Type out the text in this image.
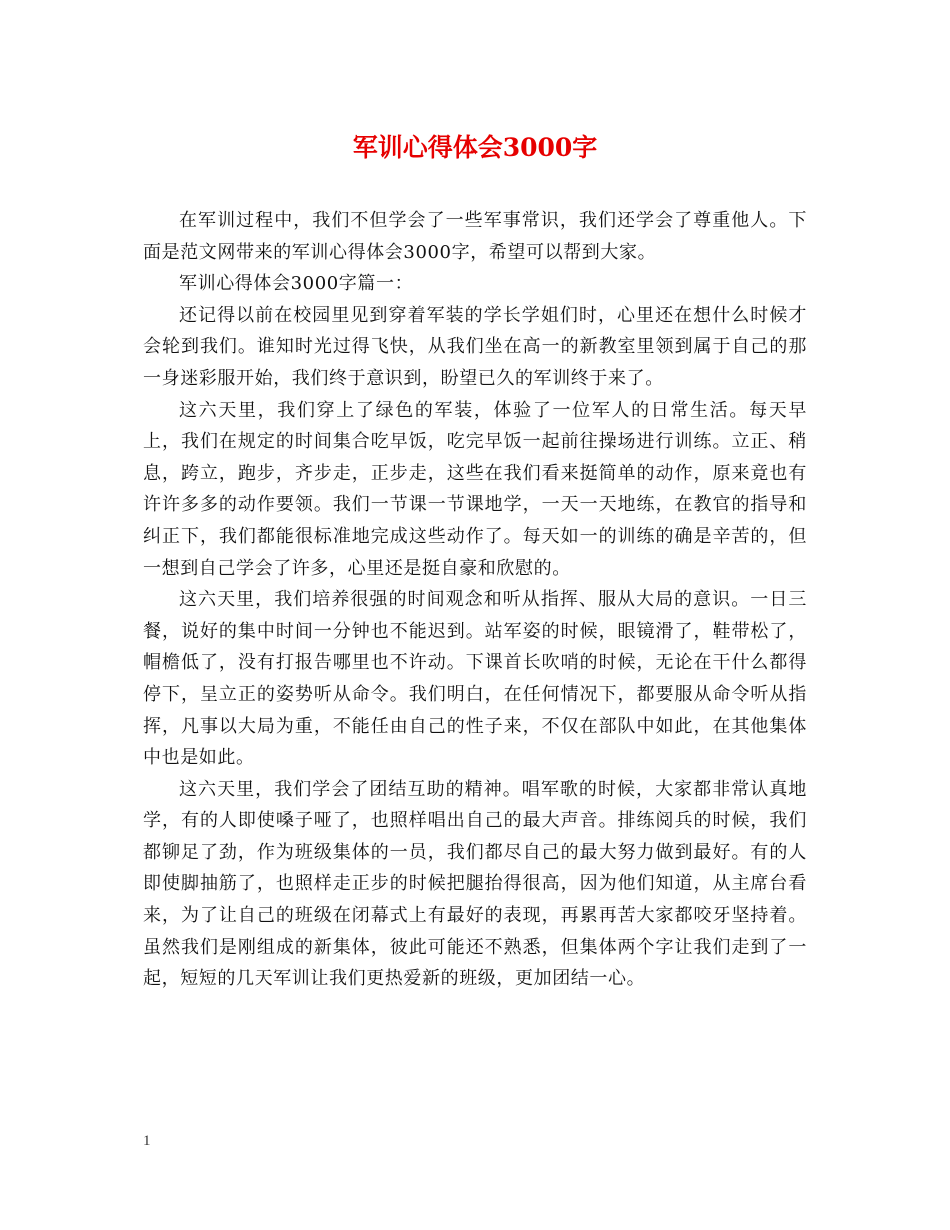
军训心得体会3000字

在军训过程中，我们不但学会了一些军事常识，我们还学会了尊重他人。下面是范文网带来的军训心得体会3000字，希望可以帮到大家。

军训心得体会3000字篇一：

还记得以前在校园里见到穿着军装的学长学姐们时，心里还在想什么时候才会轮到我们。谁知时光过得飞快，从我们坐在高一的新教室里领到属于自己的那一身迷彩服开始，我们终于意识到，盼望已久的军训终于来了。

这六天里，我们穿上了绿色的军装，体验了一位军人的日常生活。每天早上，我们在规定的时间集合吃早饭，吃完早饭一起前往操场进行训练。立正、稍息，跨立，跑步，齐步走，正步走，这些在我们看来挺简单的动作，原来竟也有许许多多的动作要领。我们一节课一节课地学，一天一天地练，在教官的指导和纠正下，我们都能很标准地完成这些动作了。每天如一的训练的确是辛苦的，但一想到自己学会了许多，心里还是挺自豪和欣慰的。

这六天里，我们培养很强的时间观念和听从指挥、服从大局的意识。一日三餐，说好的集中时间一分钟也不能迟到。站军姿的时候，眼镜滑了，鞋带松了，帽檐低了，没有打报告哪里也不许动。下课首长吹哨的时候，无论在干什么都得停下，呈立正的姿势听从命令。我们明白，在任何情况下，都要服从命令听从指挥，凡事以大局为重，不能任由自己的性子来，不仅在部队中如此，在其他集体中也是如此。

这六天里，我们学会了团结互助的精神。唱军歌的时候，大家都非常认真地学，有的人即使嗓子哑了，也照样唱出自己的最大声音。排练阅兵的时候，我们都铆足了劲，作为班级集体的一员，我们都尽自己的最大努力做到最好。有的人即使脚抽筋了，也照样走正步的时候把腿抬得很高，因为他们知道，从主席台看来，为了让自己的班级在闭幕式上有最好的表现，再累再苦大家都咬牙坚持着。虽然我们是刚组成的新集体，彼此可能还不熟悉，但集体两个字让我们走到了一起，短短的几天军训让我们更热爱新的班级，更加团结一心。

1
